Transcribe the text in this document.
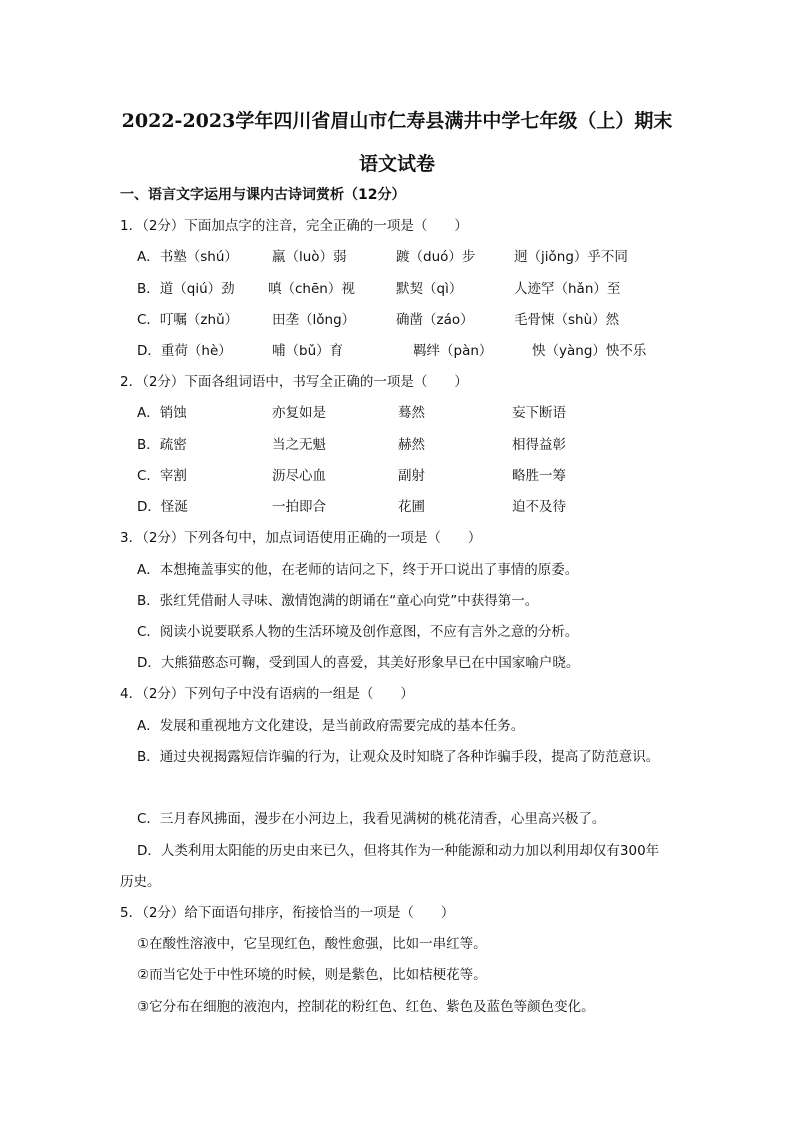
2022-2023学年四川省眉山市仁寿县满井中学七年级（上）期末
语文试卷
一、语言文字运用与课内古诗词赏析（12分）
1．（2分）下面加点字的注音，完全正确的一项是（　　）
A．书塾（shú）	羸（luò）弱	踱（duó）步	迥（jiǒng）乎不同
B．道（qiú）劲 嗔（chēn）视	默契（qì）	人迹罕（hǎn）至
C．叮嘱（zhǔ）	田垄（lǒng）	确凿（záo）	毛骨悚（shù）然
D．重荷（hè）	哺（bǔ）育	羁绊（pàn）	怏（yàng）怏不乐
2．（2分）下面各组词语中，书写全正确的一项是（　　）
A．销蚀	亦复如是	蓦然	妄下断语
B．疏密	当之无魁	赫然	相得益彰
C．宰割	沥尽心血	副射	略胜一筹
D．怪涎	一拍即合	花圃	迫不及待
3．（2分）下列各句中，加点词语使用正确的一项是（　　）
A．本想掩盖事实的他，在老师的诘问之下，终于开口说出了事情的原委。
B．张红凭借耐人寻味、激情饱满的朗诵在“童心向党”中获得第一。
C．阅读小说要联系人物的生活环境及创作意图，不应有言外之意的分析。
D．大熊猫憨态可鞠，受到国人的喜爱，其美好形象早已在中国家喻户晓。
4．（2分）下列句子中没有语病的一组是（　　）
A．发展和重视地方文化建设，是当前政府需要完成的基本任务。
B．通过央视揭露短信诈骗的行为，让观众及时知晓了各种诈骗手段，提高了防范意识。
C．三月春风拂面，漫步在小河边上，我看见满树的桃花清香，心里高兴极了。
D．人类利用太阳能的历史由来已久，但将其作为一种能源和动力加以利用却仅有300年
历史。
5．（2分）给下面语句排序，衔接恰当的一项是（　　）
①在酸性溶液中，它呈现红色，酸性愈强，比如一串红等。
②而当它处于中性环境的时候，则是紫色，比如桔梗花等。
③它分布在细胞的液泡内，控制花的粉红色、红色、紫色及蓝色等颜色变化。
